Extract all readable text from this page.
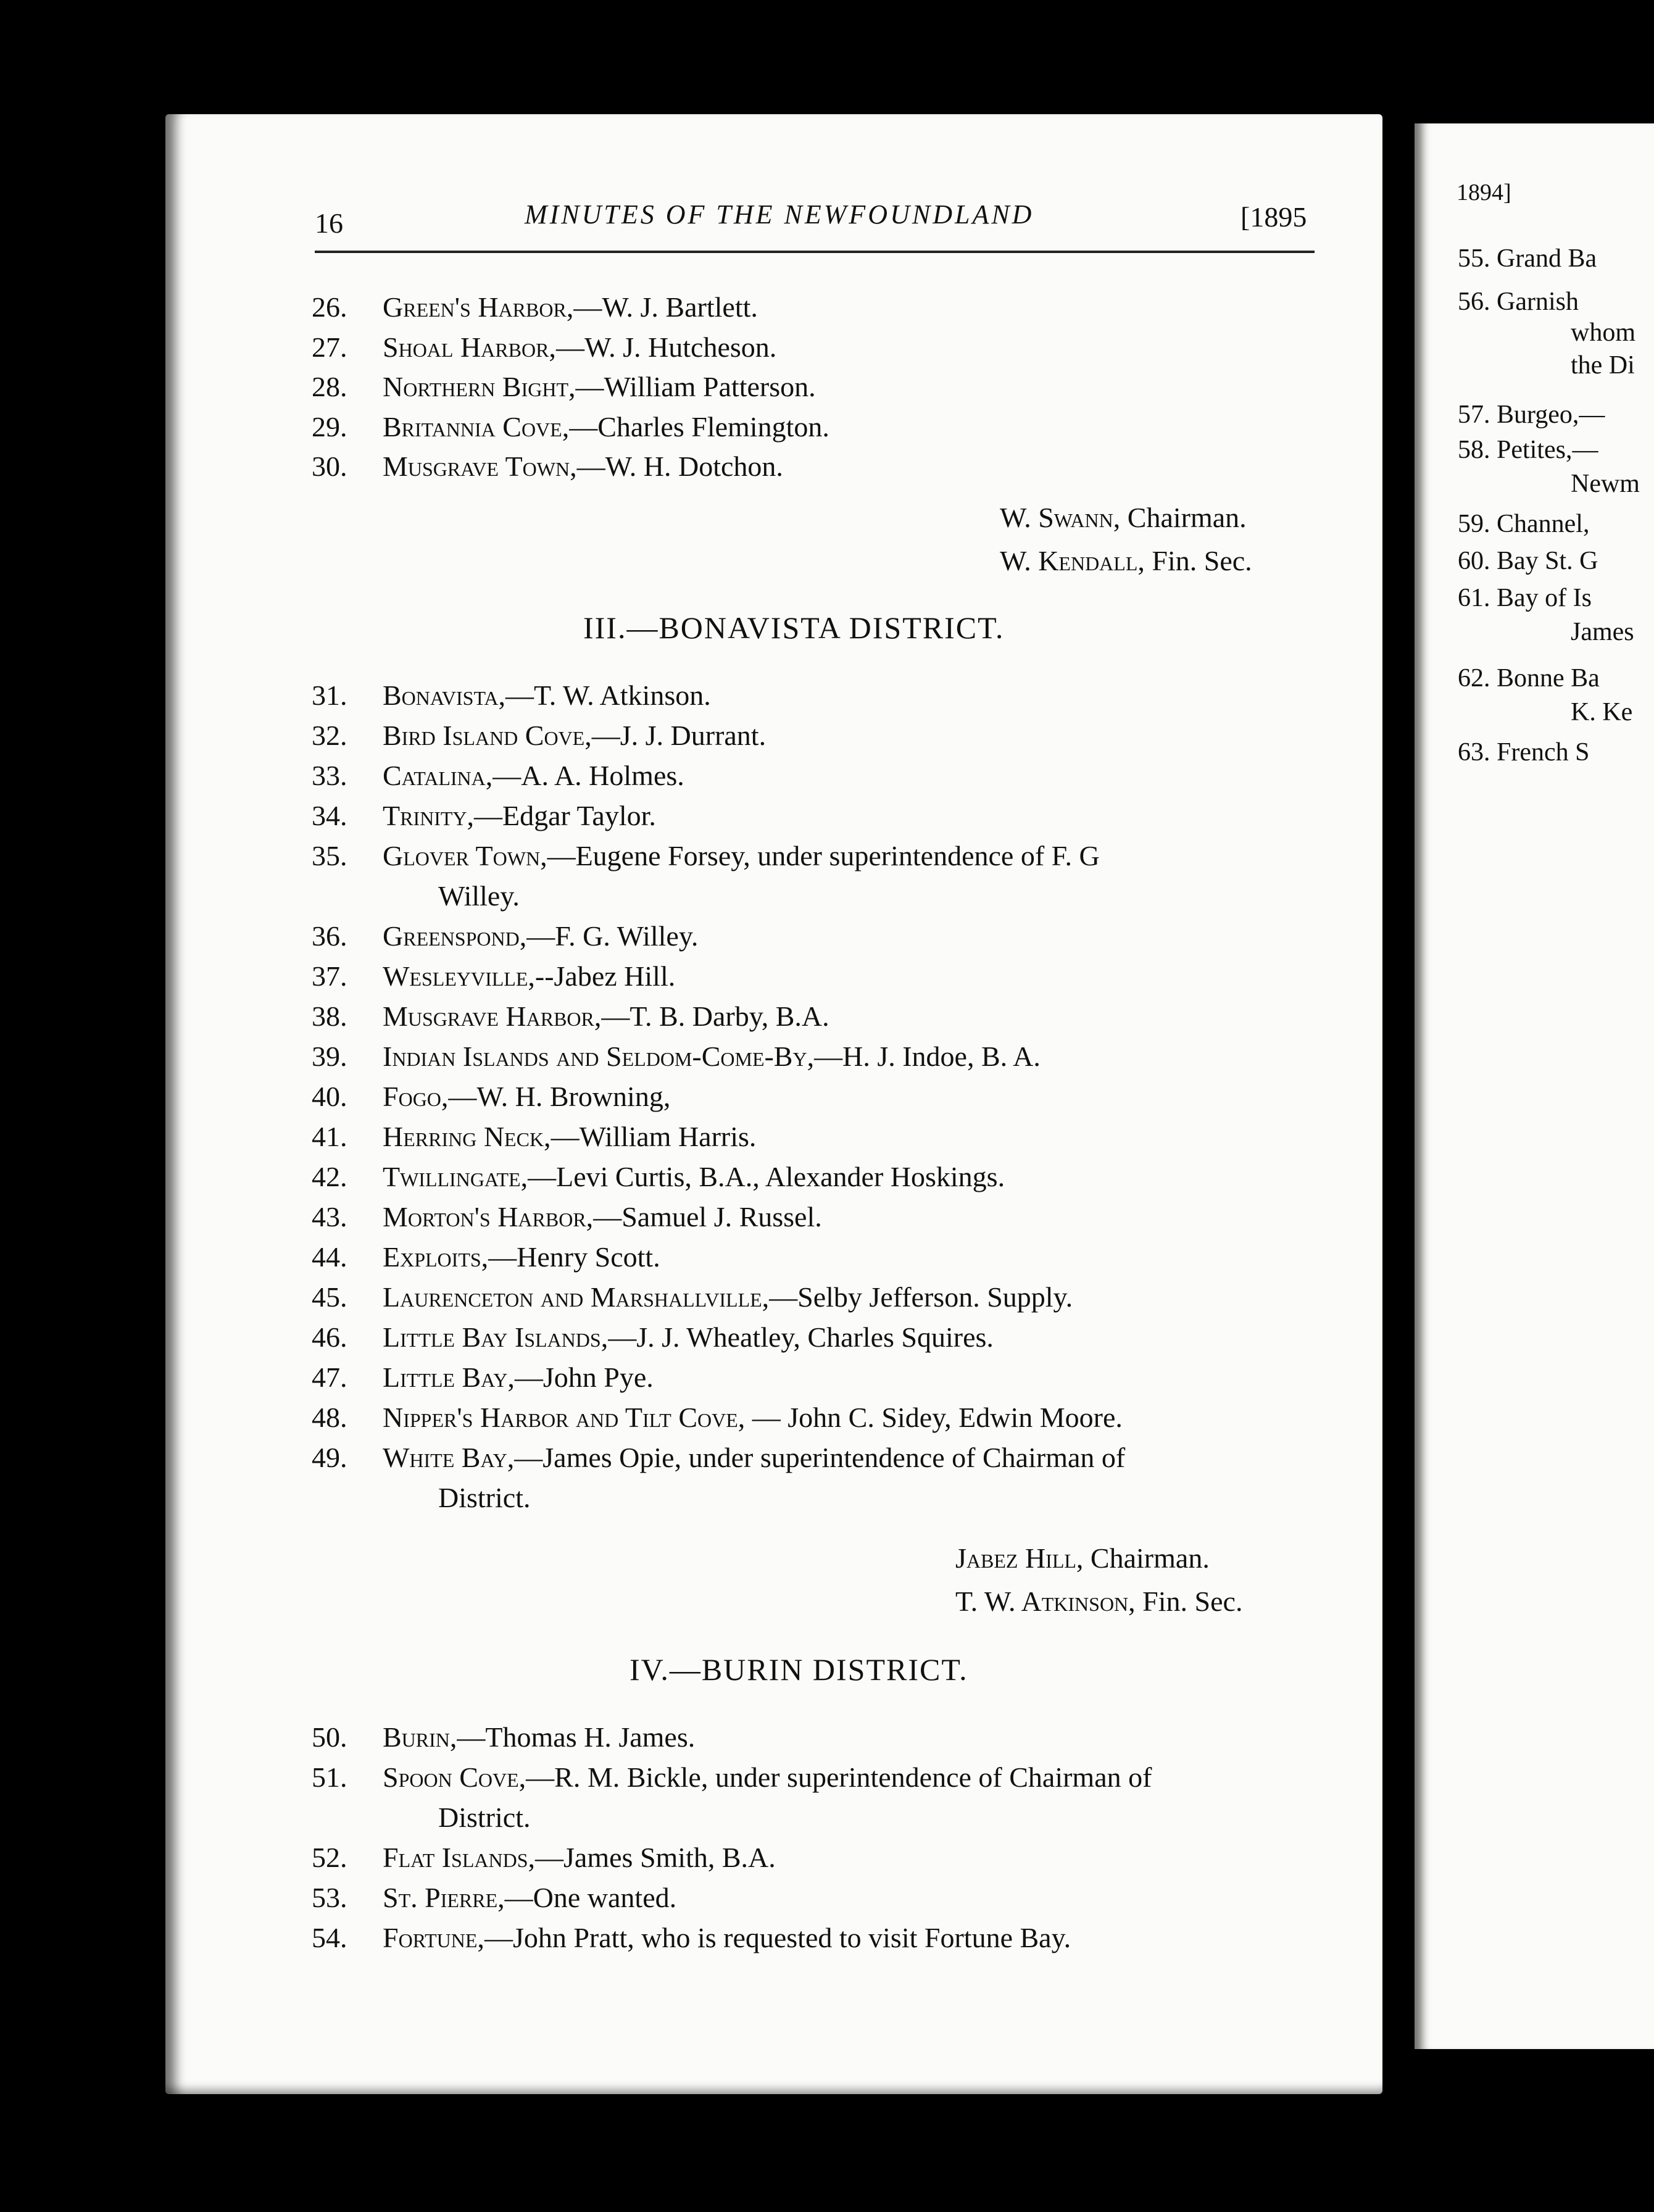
16	MINUTES OF THE NEWFOUNDLAND	[1895
26.	Green's Harbor,—W. J. Bartlett.
27.	Shoal Harbor,—W. J. Hutcheson.
28.	Northern Bight,—William Patterson.
29.	Britannia Cove,—Charles Flemington.
30.	Musgrave Town,—W. H. Dotchon.
W. Swann, Chairman.
W. Kendall, Fin. Sec.
III.—BONAVISTA DISTRICT.
31.	Bonavista,—T. W. Atkinson.
32.	Bird Island Cove,—J. J. Durrant.
33.	Catalina,—A. A. Holmes.
34.	Trinity,—Edgar Taylor.
35.	Glover Town,—Eugene Forsey, under superintendence of F. G
Willey.
36.	Greenspond,—F. G. Willey.
37.	Wesleyville,--Jabez Hill.
38.	Musgrave Harbor,—T. B. Darby, B.A.
39.	Indian Islands and Seldom-Come-By,—H. J. Indoe, B. A.
40.	Fogo,—W. H. Browning,
41.	Herring Neck,—William Harris.
42.	Twillingate,—Levi Curtis, B.A., Alexander Hoskings.
43.	Morton's Harbor,—Samuel J. Russel.
44.	Exploits,—Henry Scott.
45.	Laurenceton and Marshallville,—Selby Jefferson. Supply.
46.	Little Bay Islands,—J. J. Wheatley, Charles Squires.
47.	Little Bay,—John Pye.
48.	Nipper's Harbor and Tilt Cove, — John C. Sidey, Edwin Moore.
49.	White Bay,—James Opie, under superintendence of Chairman of
District.
Jabez Hill, Chairman.
T. W. Atkinson, Fin. Sec.
IV.—BURIN DISTRICT.
50.	Burin,—Thomas H. James.
51.	Spoon Cove,—R. M. Bickle, under superintendence of Chairman of
District.
52.	Flat Islands,—James Smith, B.A.
53.	St. Pierre,—One wanted.
54.	Fortune,—John Pratt, who is requested to visit Fortune Bay.
1894]
55. Grand Ba
56. Garnish
whom
the Di
57. Burgeo,—
58. Petites,—
Newm
59. Channel,
60. Bay St. G
61. Bay of Is
James
62. Bonne Ba
K. Ke
63. French S
